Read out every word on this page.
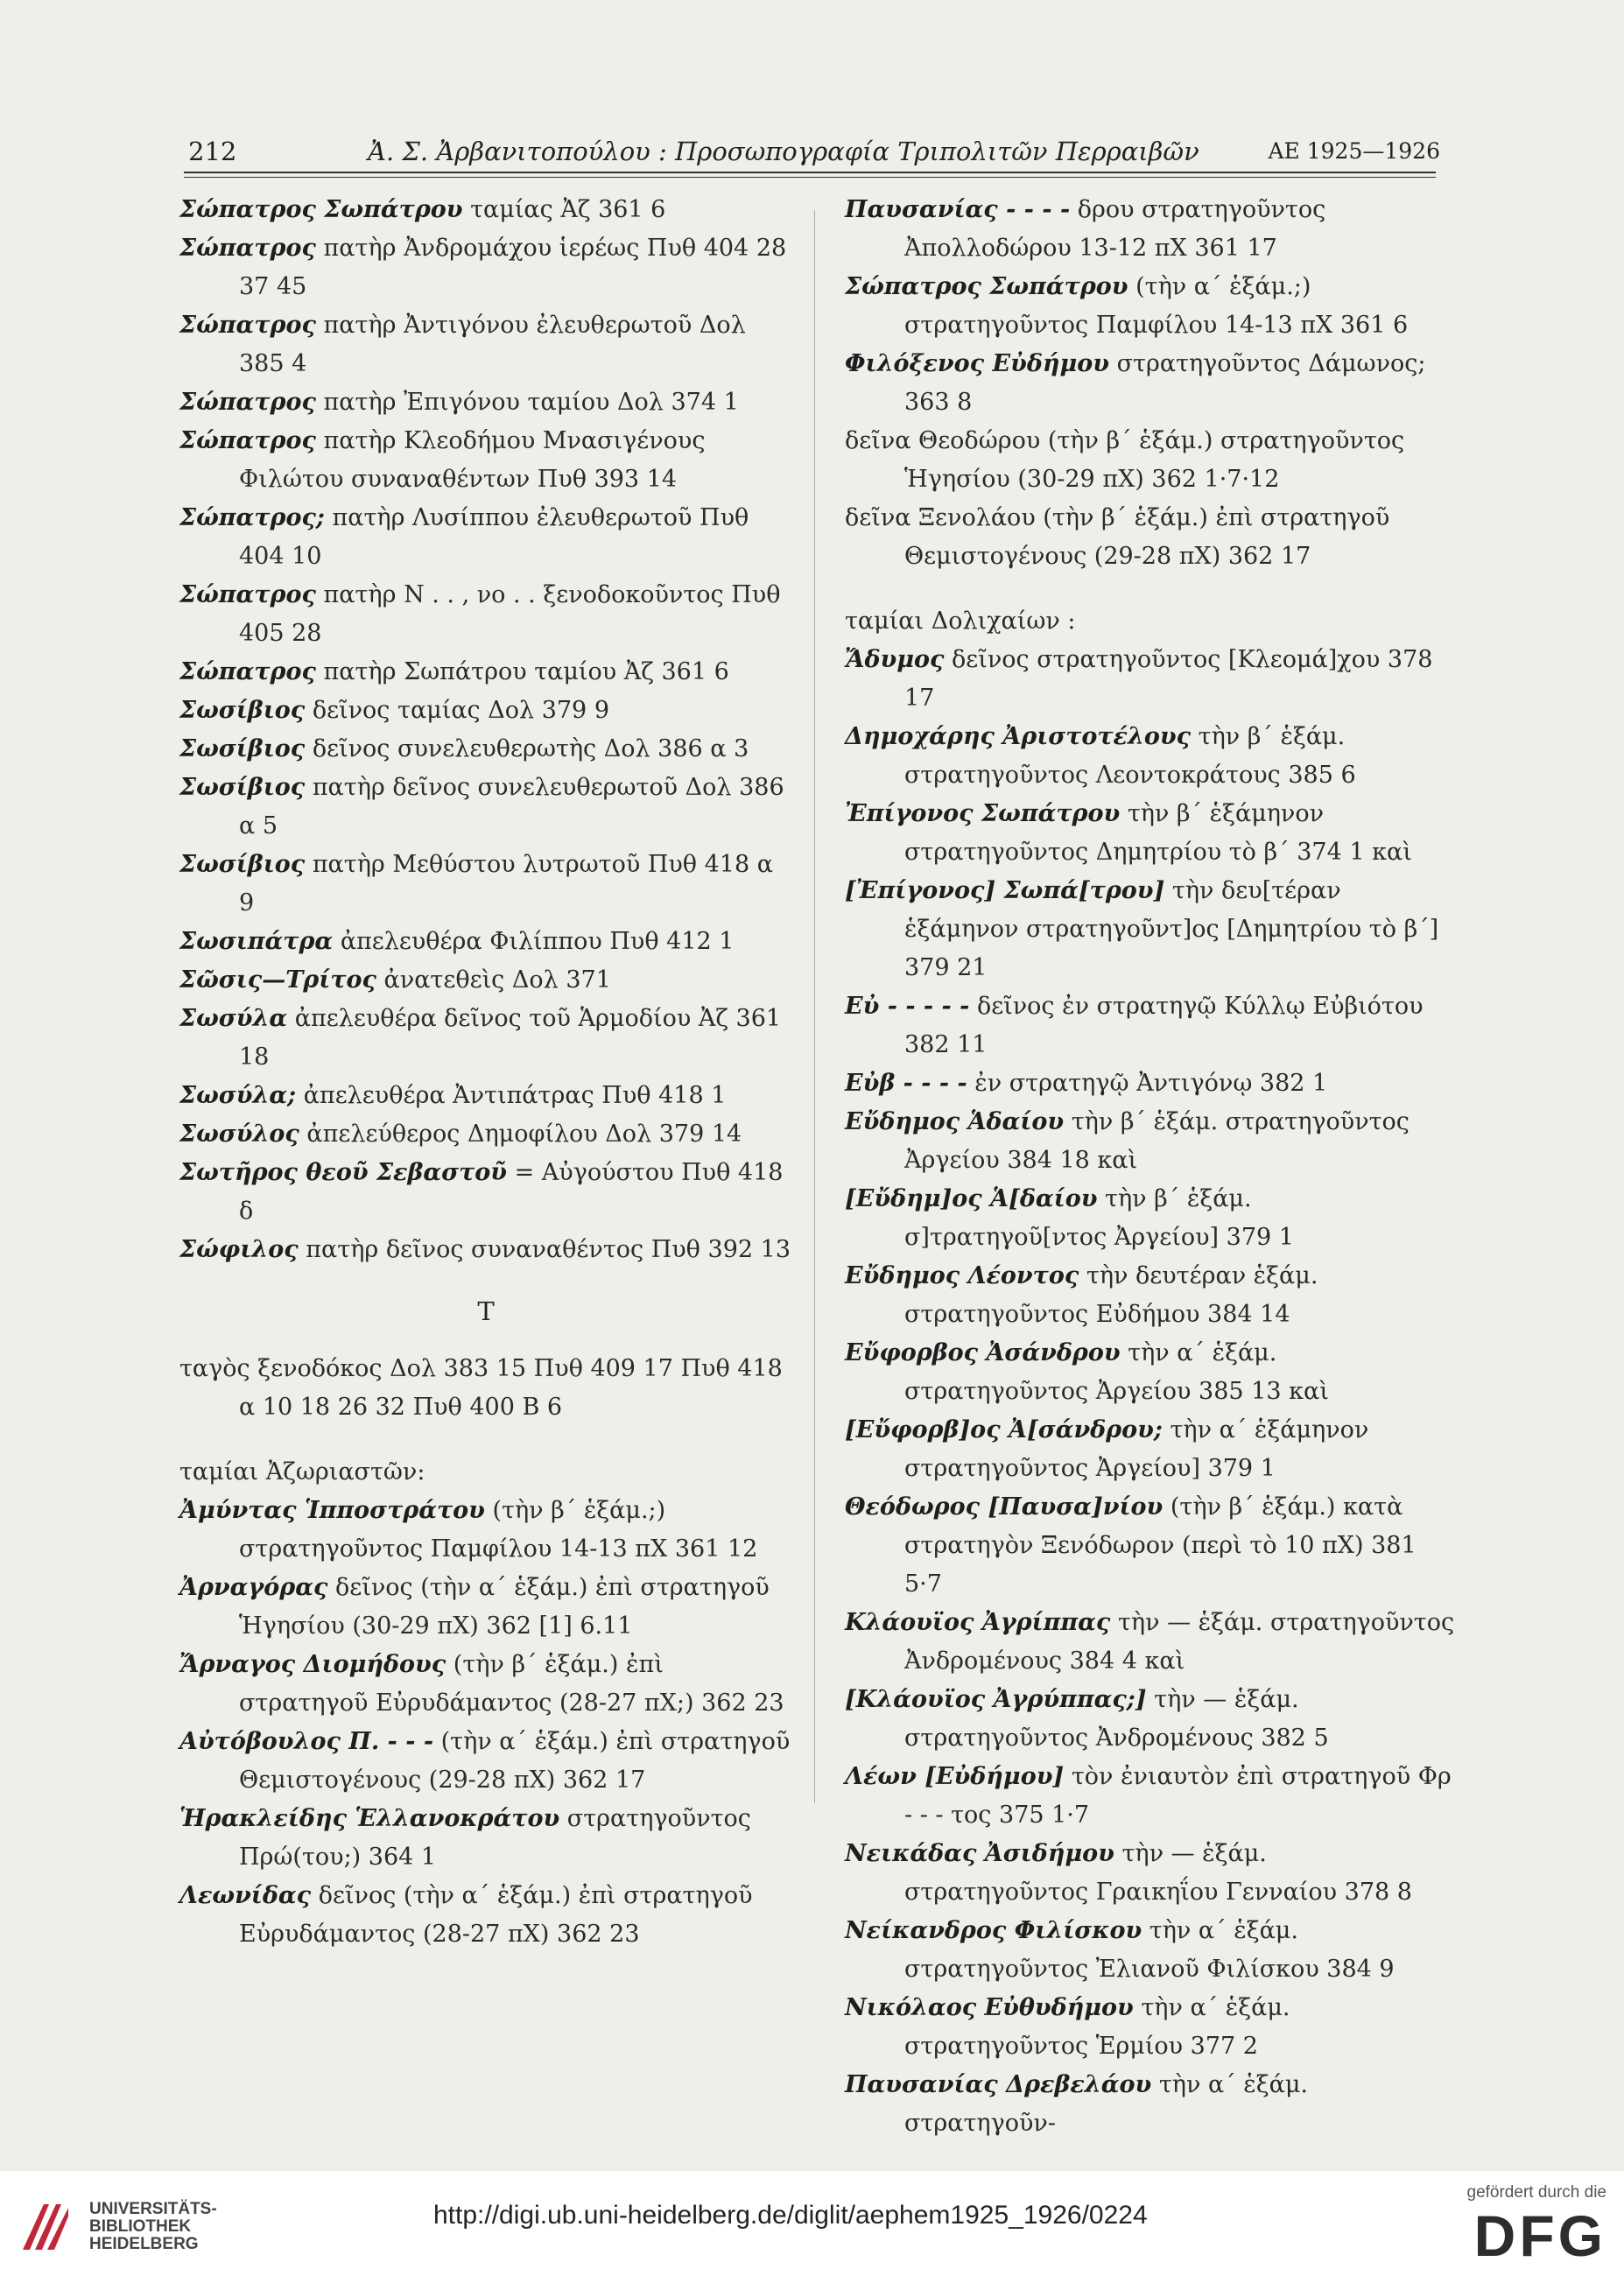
212	Ἀ. Σ. Ἀρβανιτοπούλου : Προσωπογραφία Τριπολιτῶν Περραιβῶν	ΑΕ 1925—1926

Σώπατρος Σωπάτρου ταμίας Ἀζ 361 6

Σώπατρος πατὴρ Ἀνδρομάχου ἱερέως Πυθ 404 28 37 45

Σώπατρος πατὴρ Ἀντιγόνου ἐλευθερωτοῦ Δολ 385 4

Σώπατρος πατὴρ Ἐπιγόνου ταμίου Δολ 374 1

Σώπατρος πατὴρ Κλεοδήμου Μνασιγένους Φιλώτου συναναθέντων Πυθ 393 14

Σώπατρος; πατὴρ Λυσίππου ἐλευθερωτοῦ Πυθ 404 10

Σώπατρος πατὴρ Ν . . , νο . . ξενοδοκοῦντος Πυθ 405 28

Σώπατρος πατὴρ Σωπάτρου ταμίου Ἀζ 361 6

Σωσίβιος δεῖνος ταμίας Δολ 379 9

Σωσίβιος δεῖνος συνελευθερωτὴς Δολ 386 α 3

Σωσίβιος πατὴρ δεῖνος συνελευθερωτοῦ Δολ 386 α 5

Σωσίβιος πατὴρ Μεθύστου λυτρωτοῦ Πυθ 418 α 9

Σωσιπάτρα ἀπελευθέρα Φιλίππου Πυθ 412 1

Σῶσις—Τρίτος ἀνατεθεὶς Δολ 371

Σωσύλα ἀπελευθέρα δεῖνος τοῦ Ἁρμοδίου Ἀζ 361 18

Σωσύλα; ἀπελευθέρα Ἀντιπάτρας Πυθ 418 1

Σωσύλος ἀπελεύθερος Δημοφίλου Δολ 379 14

Σωτῆρος θεοῦ Σεβαστοῦ = Αὐγούστου Πυθ 418 δ

Σώφιλος πατὴρ δεῖνος συναναθέντος Πυθ 392 13

Τ

ταγὸς ξενοδόκος Δολ 383 15 Πυθ 409 17 Πυθ 418 α 10 18 26 32 Πυθ 400 Β 6

ταμίαι Ἀζωριαστῶν:

Ἀμύντας Ἱπποστράτου (τὴν β΄ ἑξάμ.;) στρατηγοῦντος Παμφίλου 14-13 πΧ 361 12

Ἀρναγόρας δεῖνος (τὴν α΄ ἑξάμ.) ἐπὶ στρατηγοῦ Ἡγησίου (30-29 πΧ) 362 [1] 6.11

Ἄρναγος Διομήδους (τὴν β΄ ἑξάμ.) ἐπὶ στρατηγοῦ Εὐρυδάμαντος (28-27 πΧ;) 362 23

Αὐτόβουλος Π. - - - (τὴν α΄ ἑξάμ.) ἐπὶ στρατηγοῦ Θεμιστογένους (29-28 πΧ) 362 17

Ἡρακλείδης Ἑλλανοκράτου στρατηγοῦντος Πρώ(του;) 364 1

Λεωνίδας δεῖνος (τὴν α΄ ἑξάμ.) ἐπὶ στρατηγοῦ Εὐρυδάμαντος (28-27 πΧ) 362 23

Παυσανίας - - - - δρου στρατηγοῦντος Ἀπολλοδώρου 13-12 πΧ 361 17

Σώπατρος Σωπάτρου (τὴν α΄ ἑξάμ.;) στρατηγοῦντος Παμφίλου 14-13 πΧ 361 6

Φιλόξενος Εὐδήμου στρατηγοῦντος Δάμωνος; 363 8

δεῖνα Θεοδώρου (τὴν β΄ ἑξάμ.) στρατηγοῦντος Ἡγησίου (30-29 πΧ) 362 1·7·12

δεῖνα Ξενολάου (τὴν β΄ ἑξάμ.) ἐπὶ στρατηγοῦ Θεμιστογένους (29-28 πΧ) 362 17

ταμίαι Δολιχαίων :

Ἄδυμος δεῖνος στρατηγοῦντος [Κλεομά]χου 378 17

Δημοχάρης Ἀριστοτέλους τὴν β΄ ἑξάμ. στρατηγοῦντος Λεοντοκράτους 385 6

Ἐπίγονος Σωπάτρου τὴν β΄ ἑξάμηνον στρατηγοῦντος Δημητρίου τὸ β΄ 374 1 καὶ

[Ἐπίγονος] Σωπά[τρου] τὴν δευ[τέραν ἑξάμηνον στρατηγοῦντ]ος [Δημητρίου τὸ β΄] 379 21

Εὐ - - - - - δεῖνος ἐν στρατηγῷ Κύλλῳ Εὐβιότου 382 11

Εὐβ - - - - ἐν στρατηγῷ Ἀντιγόνῳ 382 1

Εὔδημος Ἁδαίου τὴν β΄ ἑξάμ. στρατηγοῦντος Ἀργείου 384 18 καὶ

[Εὔδημ]ος Ἁ[δαίου τὴν β΄ ἑξάμ. σ]τρατηγοῦ[ντος Ἀργείου] 379 1

Εὔδημος Λέοντος τὴν δευτέραν ἑξάμ. στρατηγοῦντος Εὐδήμου 384 14

Εὔφορβος Ἀσάνδρου τὴν α΄ ἑξάμ. στρατηγοῦντος Ἀργείου 385 13 καὶ

[Εὔφορβ]ος Ἀ[σάνδρου; τὴν α΄ ἑξάμηνον στρατηγοῦντος Ἀργείου] 379 1

Θεόδωρος [Παυσα]νίου (τὴν β΄ ἑξάμ.) κατὰ στρατηγὸν Ξενόδωρον (περὶ τὸ 10 πΧ) 381 5·7

Κλάουϊος Ἀγρίππας τὴν — ἑξάμ. στρατηγοῦντος Ἀνδρομένους 384 4 καὶ

[Κλάουϊος Ἀγρύππας;] τὴν — ἑξάμ. στρατηγοῦντος Ἀνδρομένους 382 5

Λέων [Εὐδήμου] τὸν ἐνιαυτὸν ἐπὶ στρατηγοῦ Φρ - - - τος 375 1·7

Νεικάδας Ἀσιδήμου τὴν — ἑξάμ. στρατηγοῦντος Γραικηΐου Γενναίου 378 8

Νείκανδρος Φιλίσκου τὴν α΄ ἑξάμ. στρατηγοῦντος Ἐλιανοῦ Φιλίσκου 384 9

Νικόλαος Εὐθυδήμου τὴν α΄ ἑξάμ. στρατηγοῦντος Ἑρμίου 377 2

Παυσανίας Δρεβελάου τὴν α΄ ἑξάμ. στρατηγοῦν-

UNIVERSITÄTS-
BIBLIOTHEK
HEIDELBERG
http://digi.ub.uni-heidelberg.de/diglit/aephem1925_1926/0224
gefördert durch die
DFG
